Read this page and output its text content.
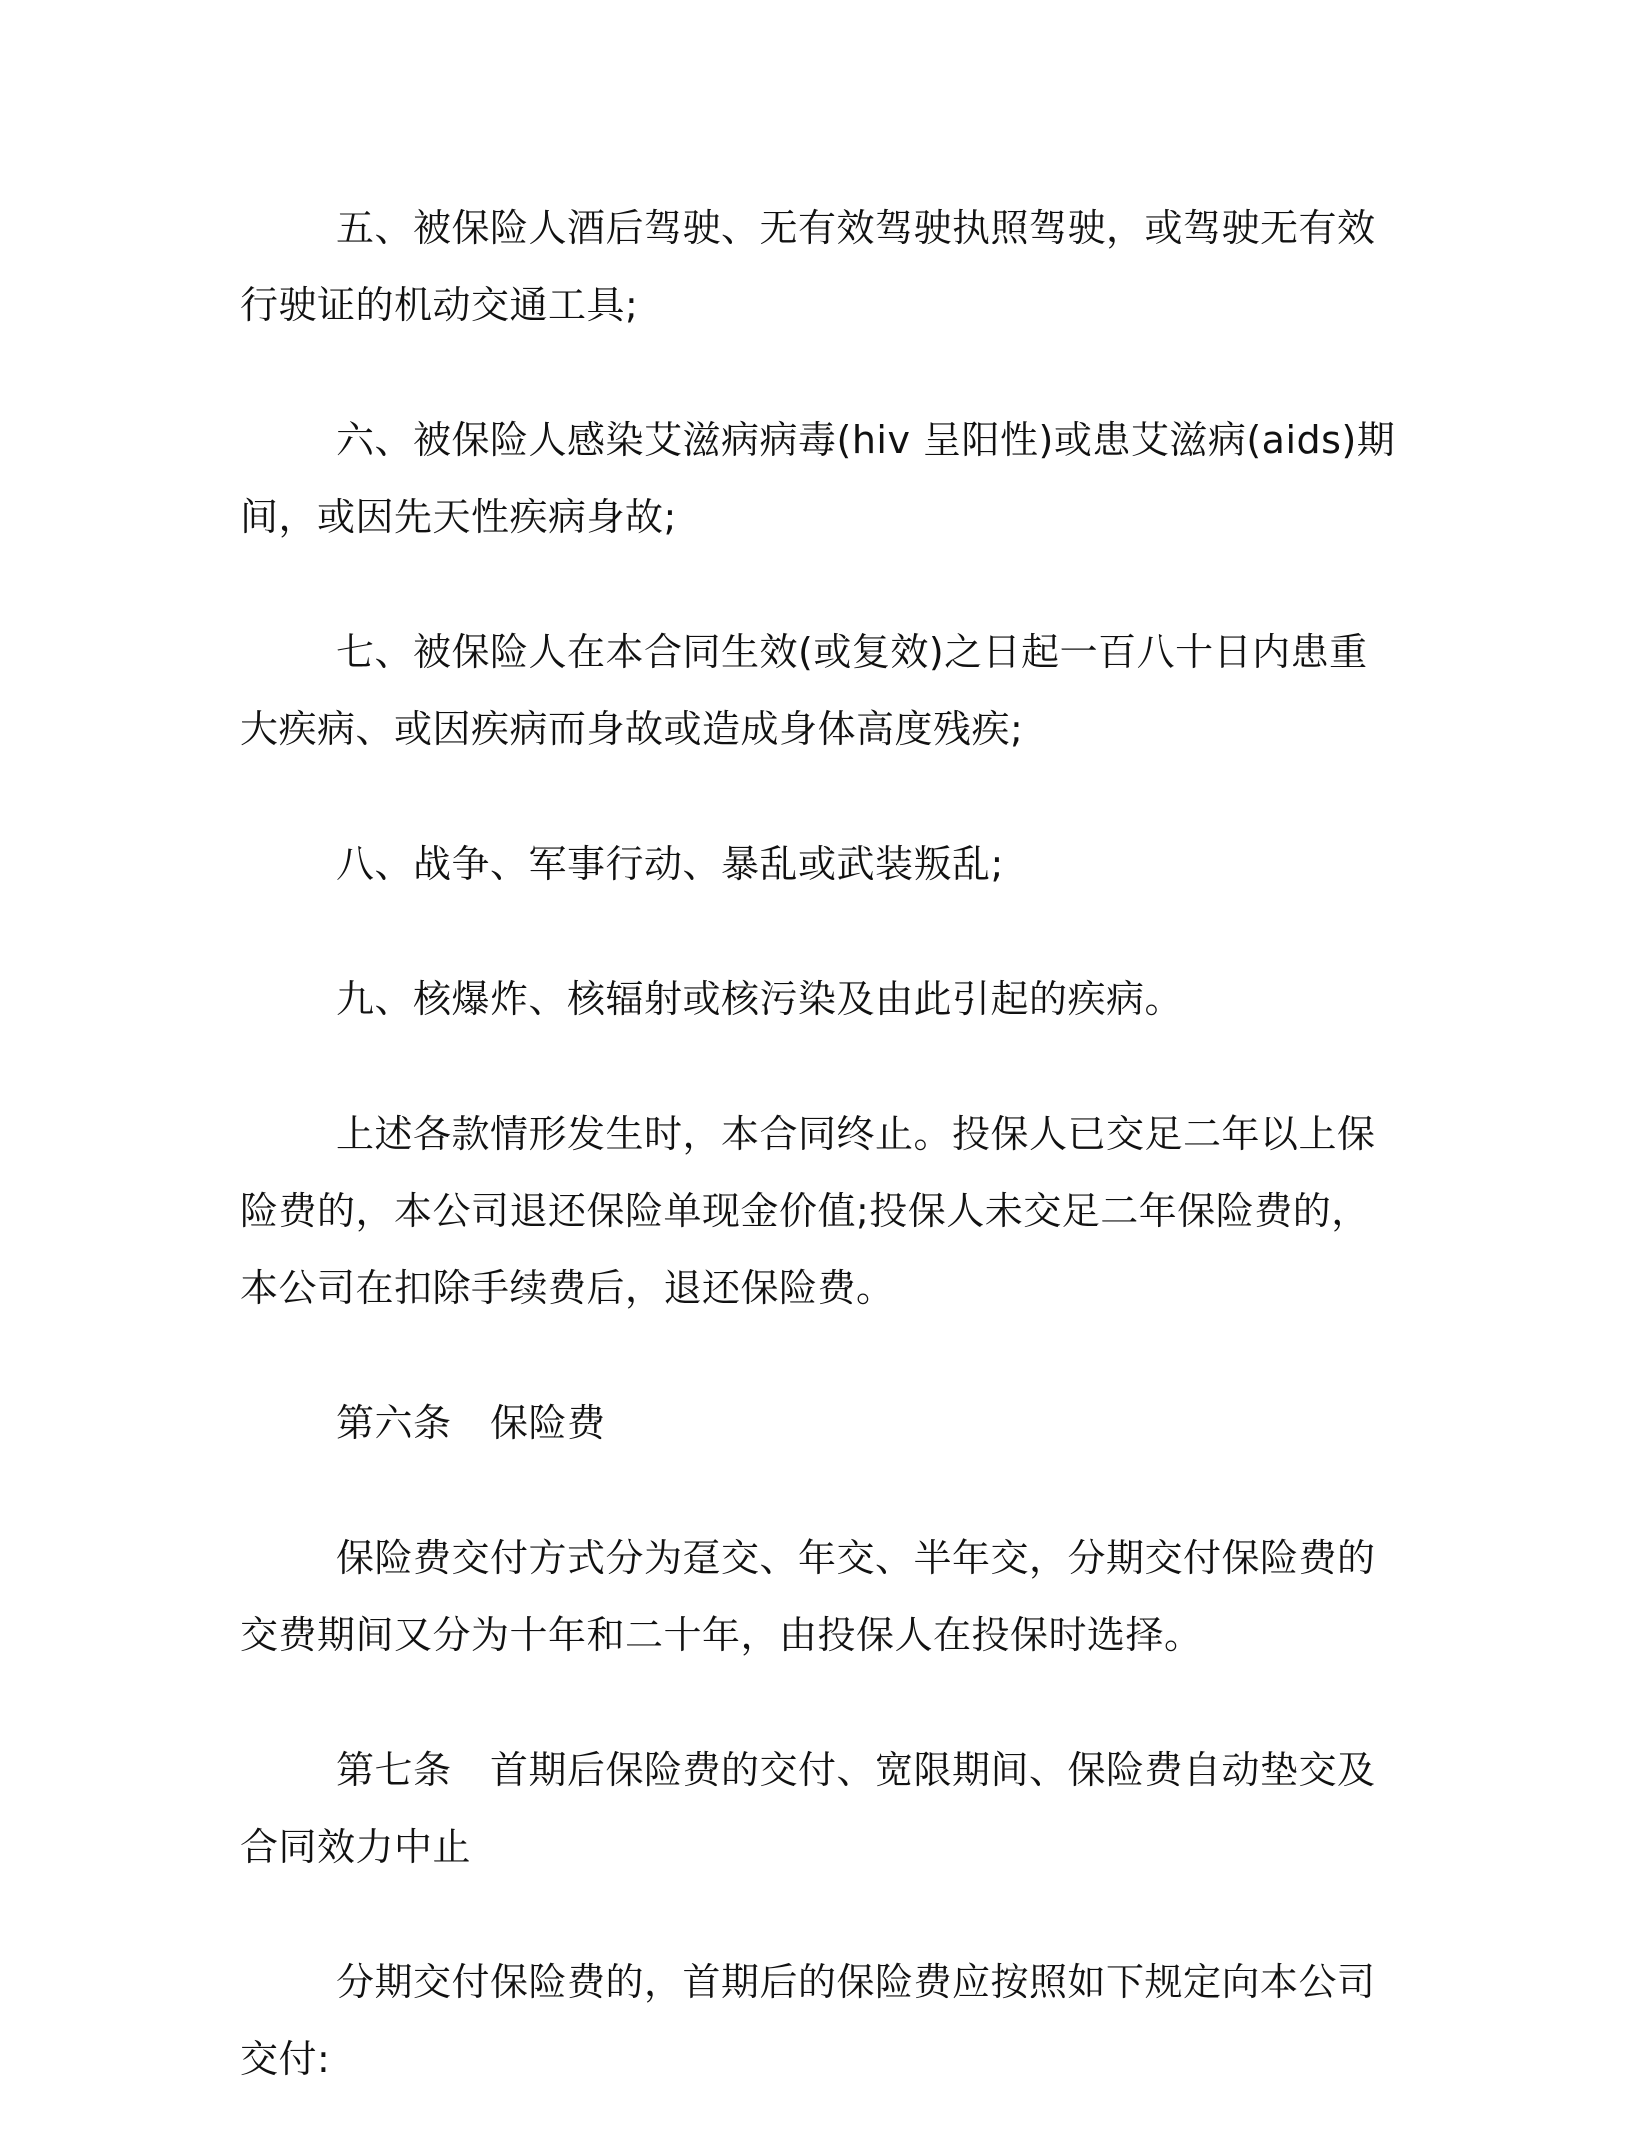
五、被保险人酒后驾驶、无有效驾驶执照驾驶，或驾驶无有效行驶证的机动交通工具;

六、被保险人感染艾滋病病毒(hiv 呈阳性)或患艾滋病(aids)期间，或因先天性疾病身故;

七、被保险人在本合同生效(或复效)之日起一百八十日内患重大疾病、或因疾病而身故或造成身体高度残疾;

八、战争、军事行动、暴乱或武装叛乱;

九、核爆炸、核辐射或核污染及由此引起的疾病。

上述各款情形发生时，本合同终止。投保人已交足二年以上保险费的，本公司退还保险单现金价值;投保人未交足二年保险费的，本公司在扣除手续费后，退还保险费。

第六条　保险费

保险费交付方式分为趸交、年交、半年交，分期交付保险费的交费期间又分为十年和二十年，由投保人在投保时选择。

第七条　首期后保险费的交付、宽限期间、保险费自动垫交及合同效力中止

分期交付保险费的，首期后的保险费应按照如下规定向本公司交付:
